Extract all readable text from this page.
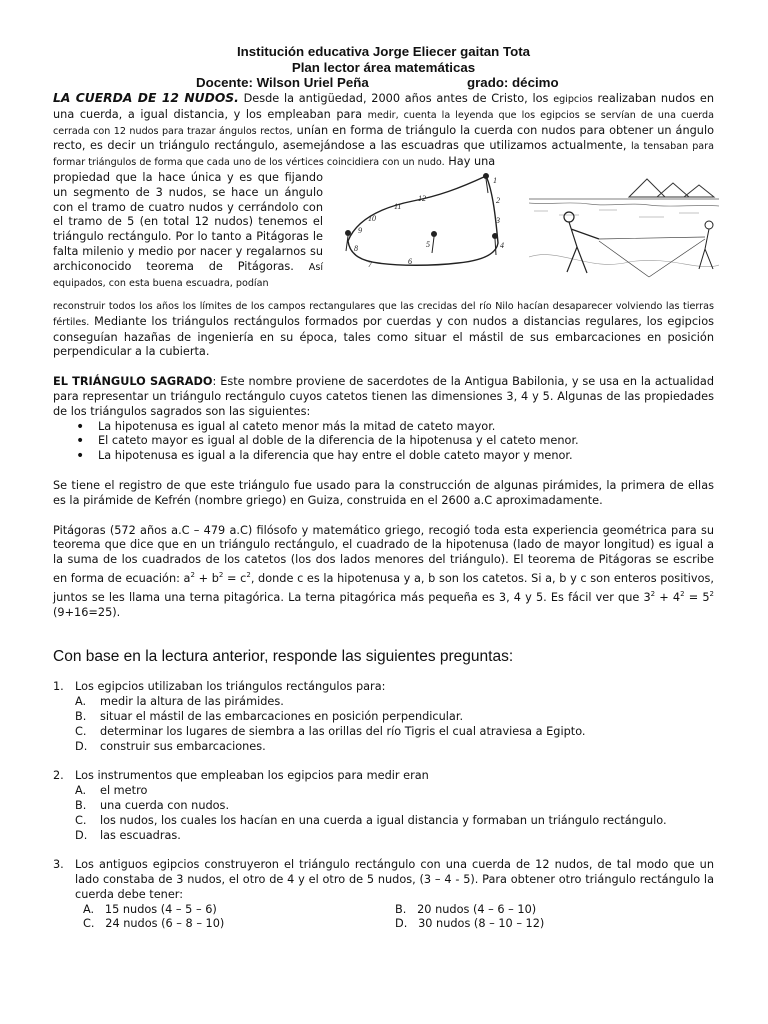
Institución educativa Jorge Eliecer gaitan Tota
Plan lector área matemáticas
Docente: Wilson Uriel Peña	grado: décimo

LA CUERDA DE 12 NUDOS. Desde la antigüedad, 2000 años antes de Cristo, los egipcios realizaban nudos en una cuerda, a igual distancia, y los empleaban para medir, cuenta la leyenda que los egipcios se servían de una cuerda cerrada con 12 nudos para trazar ángulos rectos, unían en forma de triángulo la cuerda con nudos para obtener un ángulo recto, es decir un triángulo rectángulo, asemejándose a las escuadras que utilizamos actualmente, la tensaban para formar triángulos de forma que cada uno de los vértices coincidiera con un nudo. Hay una

propiedad que la hace única y es que fijando un segmento de 3 nudos, se hace un ángulo con el tramo de cuatro nudos y cerrándolo con el tramo de 5 (en total 12 nudos) tenemos el triángulo rectángulo. Por lo tanto a Pitágoras le falta milenio y medio por nacer y regalarnos su archiconocido teorema de Pitágoras. Así equipados, con esta buena escuadra, podían

1
2
3
4
5
6
7
8
9
10
11
12

reconstruir todos los años los límites de los campos rectangulares que las crecidas del río Nilo hacían desaparecer volviendo las tierras fértiles. Mediante los triángulos rectángulos formados por cuerdas y con nudos a distancias regulares, los egipcios conseguían hazañas de ingeniería en su época, tales como situar el mástil de sus embarcaciones en posición perpendicular a la cubierta.

EL TRIÁNGULO SAGRADO: Este nombre proviene de sacerdotes de la Antigua Babilonia, y se usa en la actualidad para representar un triángulo rectángulo cuyos catetos tienen las dimensiones 3, 4 y 5. Algunas de las propiedades de los triángulos sagrados son las siguientes:

• La hipotenusa es igual al cateto menor más la mitad de cateto mayor.
• El cateto mayor es igual al doble de la diferencia de la hipotenusa y el cateto menor.
• La hipotenusa es igual a la diferencia que hay entre el doble cateto mayor y menor.

Se tiene el registro de que este triángulo fue usado para la construcción de algunas pirámides, la primera de ellas es la pirámide de Kefrén (nombre griego) en Guiza, construida en el 2600 a.C aproximadamente.

Pitágoras (572 años a.C – 479 a.C) filósofo y matemático griego, recogió toda esta experiencia geométrica para su teorema que dice que en un triángulo rectángulo, el cuadrado de la hipotenusa (lado de mayor longitud) es igual a la suma de los cuadrados de los catetos (los dos lados menores del triángulo). El teorema de Pitágoras se escribe en forma de ecuación: $a^2 + b^2 = c^2$, donde c es la hipotenusa y a, b son los catetos. Si a, b y c son enteros positivos, juntos se les llama una terna pitagórica. La terna pitagórica más pequeña es 3, 4 y 5. Es fácil ver que $3^2 + 4^2 = 5^2$ (9+16=25).

Con base en la lectura anterior, responde las siguientes preguntas:
1. Los egipcios utilizaban los triángulos rectángulos para:
A.	medir la altura de las pirámides.
B.	situar el mástil de las embarcaciones en posición perpendicular.
C.	determinar los lugares de siembra a las orillas del río Tigris el cual atraviesa a Egipto.
D.	construir sus embarcaciones.
2. Los instrumentos que empleaban los egipcios para medir eran
A.	el metro
B.	una cuerda con nudos.
C.	los nudos, los cuales los hacían en una cuerda a igual distancia y formaban un triángulo rectángulo.
D.	las escuadras.
3. Los antiguos egipcios construyeron el triángulo rectángulo con una cuerda de 12 nudos, de tal modo que un lado constaba de 3 nudos, el otro de 4 y el otro de 5 nudos, (3 – 4 - 5). Para obtener otro triángulo rectángulo la cuerda debe tener:
A. 15 nudos (4 – 5 – 6)	B. 20 nudos (4 – 6 – 10)
C. 24 nudos (6 – 8 – 10)	D. 30 nudos (8 – 10 – 12)
